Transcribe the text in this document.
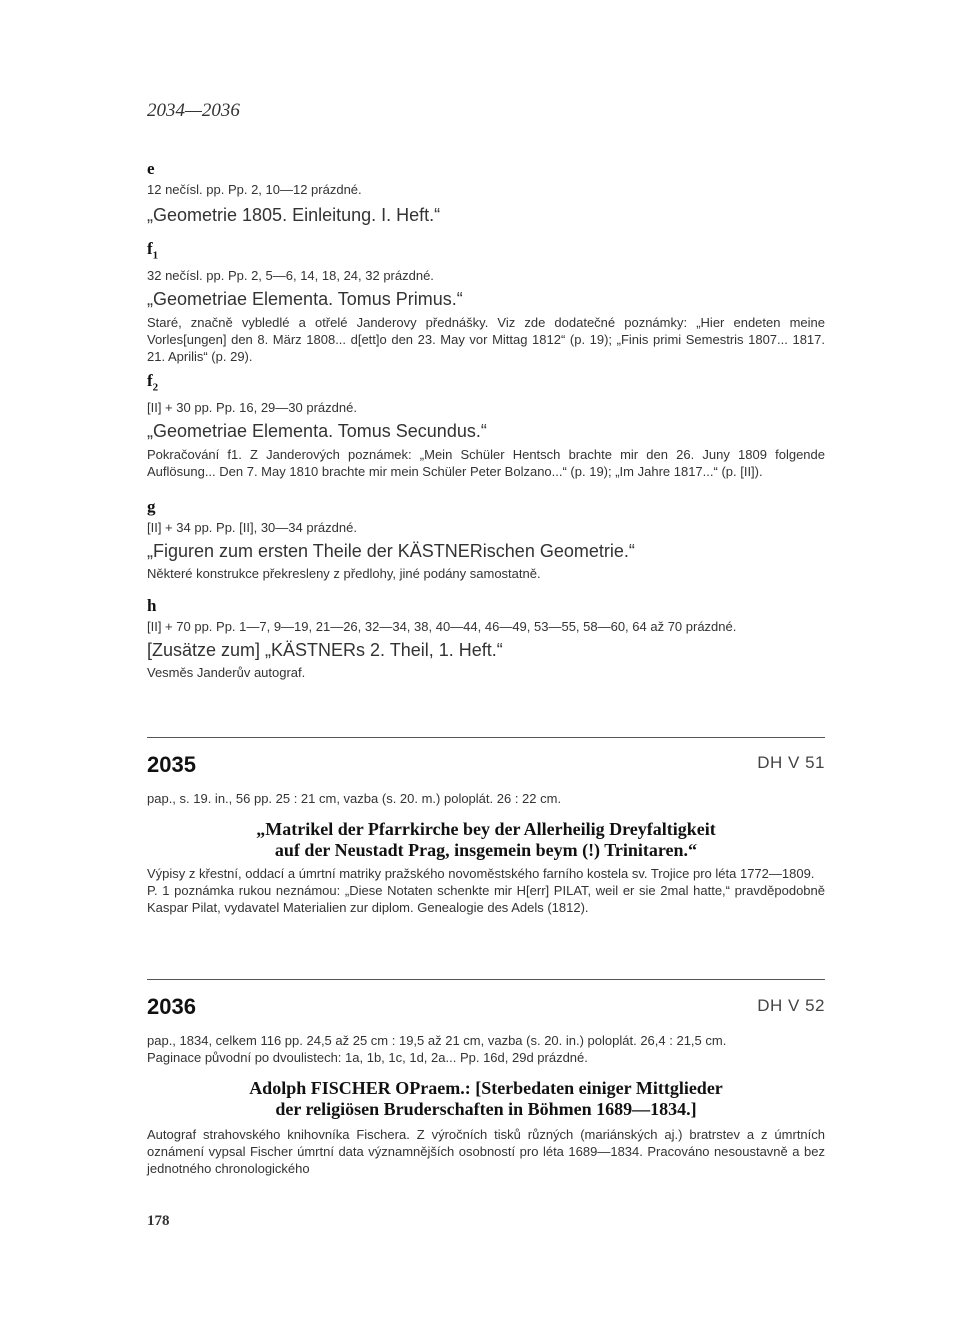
2034—2036
e
12 nečísl. pp. Pp. 2, 10—12 prázdné.
„Geometrie 1805. Einleitung. I. Heft.“
$f_1$
32 nečísl. pp. Pp. 2, 5—6, 14, 18, 24, 32 prázdné.
„Geometriae Elementa. Tomus Primus.“
Staré, značně vybledlé a otřelé Janderovy přednášky. Viz zde dodatečné poznámky: „Hier endeten meine Vorles[ungen] den 8. März 1808... d[ett]o den 23. May vor Mittag 1812“ (p. 19); „Finis primi Semestris 1807... 1817. 21. Aprilis“ (p. 29).
$f_2$
[II] + 30 pp. Pp. 16, 29—30 prázdné.
„Geometriae Elementa. Tomus Secundus.“
Pokračování f1. Z Janderových poznámek: „Mein Schüler Hentsch brachte mir den 26. Juny 1809 folgende Auflösung... Den 7. May 1810 brachte mir mein Schüler Peter Bolzano...“ (p. 19); „Im Jahre 1817...“ (p. [II]).
g
[II] + 34 pp. Pp. [II], 30—34 prázdné.
„Figuren zum ersten Theile der KÄSTNERischen Geometrie.“
Některé konstrukce překresleny z předlohy, jiné podány samostatně.
h
[II] + 70 pp. Pp. 1—7, 9—19, 21—26, 32—34, 38, 40—44, 46—49, 53—55, 58—60, 64 až 70 prázdné.
[Zusätze zum] „KÄSTNERs 2. Theil, 1. Heft.“
Vesměs Janderův autograf.
2035	DH V 51
pap., s. 19. in., 56 pp. 25 : 21 cm, vazba (s. 20. m.) poloplát. 26 : 22 cm.
„Matrikel der Pfarrkirche bey der Allerheilig Dreyfaltigkeit
auf der Neustadt Prag, insgemein beym (!) Trinitaren.“
Výpisy z křestní, oddací a úmrtní matriky pražského novoměstského farního kostela sv. Trojice pro léta 1772—1809.
P. 1 poznámka rukou neznámou: „Diese Notaten schenkte mir H[err] PILAT, weil er sie 2mal hatte,“ pravděpodobně Kaspar Pilat, vydavatel Materialien zur diplom. Genealogie des Adels (1812).
2036	DH V 52
pap., 1834, celkem 116 pp. 24,5 až 25 cm : 19,5 až 21 cm, vazba (s. 20. in.) poloplát. 26,4 : 21,5 cm.
Paginace původní po dvoulistech: 1a, 1b, 1c, 1d, 2a... Pp. 16d, 29d prázdné.
Adolph FISCHER OPraem.: [Sterbedaten einiger Mittglieder
der religiösen Bruderschaften in Böhmen 1689—1834.]
Autograf strahovského knihovníka Fischera. Z výročních tisků různých (mariánských aj.) bratrstev a z úmrtních oznámení vypsal Fischer úmrtní data významnějších osobností pro léta 1689—1834. Pracováno nesoustavně a bez jednotného chronologického
178
